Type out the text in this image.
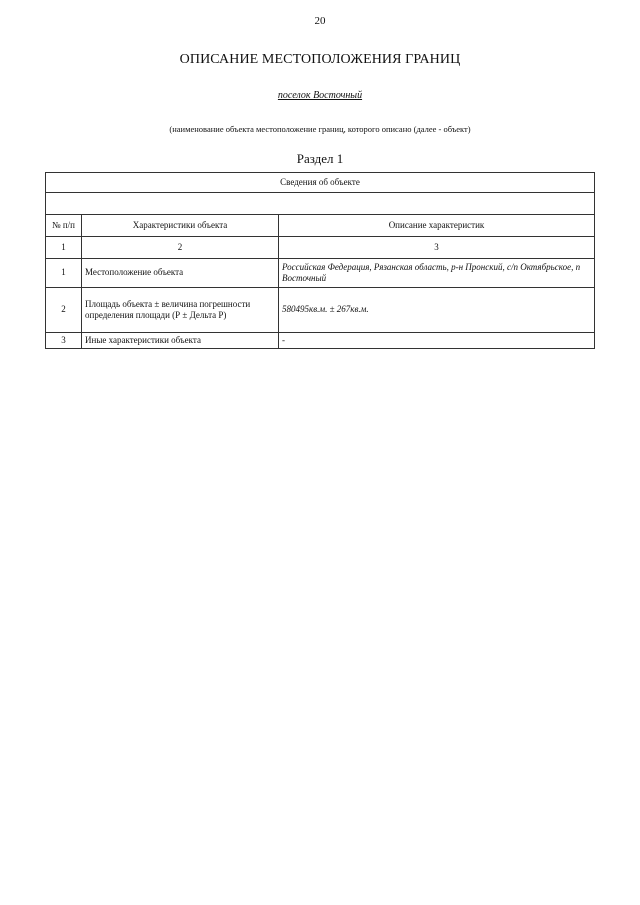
20
ОПИСАНИЕ МЕСТОПОЛОЖЕНИЯ ГРАНИЦ
поселок Восточный
(наименование объекта местоположение границ, которого описано (далее - объект)
Раздел 1
Сведения об объекте		

№ п/п	Характеристики объекта	Описание характеристик
1	2	3
1	Местоположение объекта	Российская Федерация, Рязанская область, р-н Пронский, с/п Октябрьское, п Восточный
2	Площадь объекта ± величина погрешности определения площади (Р ± Дельта Р)	580495кв.м. ± 267кв.м.
3	Иные характеристики объекта	-
